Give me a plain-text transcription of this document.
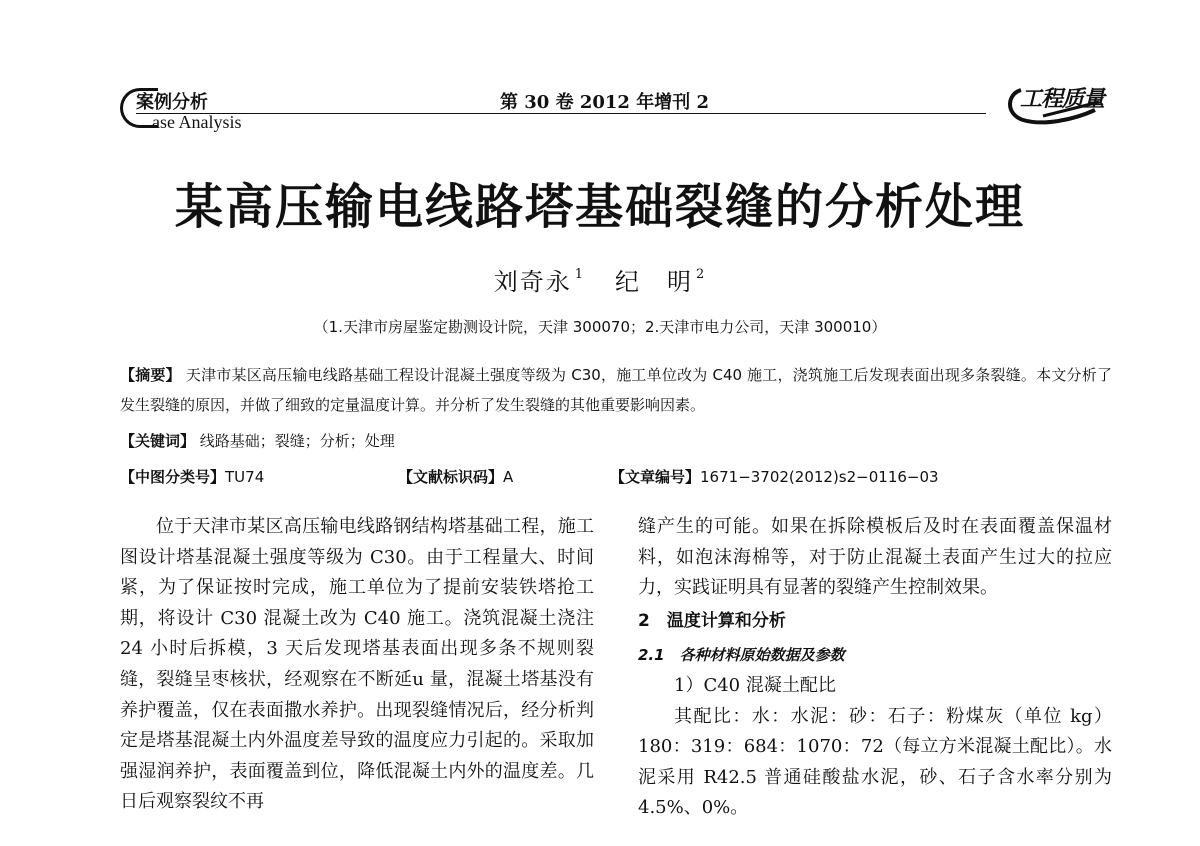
案例分析
ase Analysis
第 30 卷 2012 年增刊 2	工程质量
某高压输电线路塔基础裂缝的分析处理
刘奇永 $^1$ 纪　明 $^2$
（1.天津市房屋鉴定勘测设计院，天津 300070；2.天津市电力公司，天津 300010）
【摘要】 天津市某区高压输电线路基础工程设计混凝土强度等级为 C30，施工单位改为 C40 施工，浇筑施工后发现表面出现多条裂缝。本文分析了发生裂缝的原因，并做了细致的定量温度计算。并分析了发生裂缝的其他重要影响因素。
【关键词】 线路基础；裂缝；分析；处理
【中图分类号】TU74	【文献标识码】A	【文章编号】1671−3702(2012)s2−0116−03

位于天津市某区高压输电线路钢结构塔基础工程，施工图设计塔基混凝土强度等级为 C30。由于工程量大、时间紧，为了保证按时完成，施工单位为了提前安装铁塔抢工期，将设计 C30 混凝土改为 C40 施工。浇筑混凝土浇注 24 小时后拆模，3 天后发现塔基表面出现多条不规则裂缝，裂缝呈枣核状，经观察在不断延u 量，混凝土塔基没有养护覆盖，仅在表面撒水养护。出现裂缝情况后，经分析判定是塔基混凝土内外温度差导致的温度应力引起的。采取加强湿润养护，表面覆盖到位，降低混凝土内外的温度差。几日后观察裂纹不再

缝产生的可能。如果在拆除模板后及时在表面覆盖保温材料，如泡沫海棉等，对于防止混凝土表面产生过大的拉应力，实践证明具有显著的裂缝产生控制效果。

2　温度计算和分析

2.1　各种材料原始数据及参数

1）C40 混凝土配比

其配比：水：水泥：砂：石子：粉煤灰（单位 kg）180：319：684：1070：72（每立方米混凝土配比）。水泥采用 R42.5 普通硅酸盐水泥，砂、石子含水率分别为 4.5%、0%。
